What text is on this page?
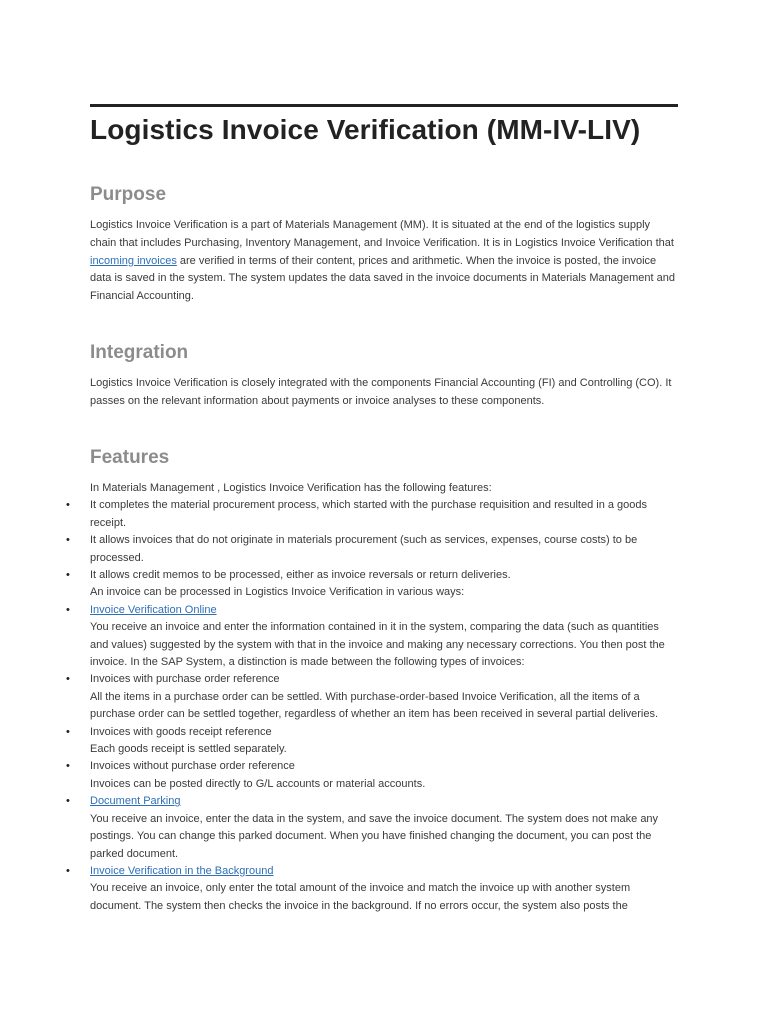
Logistics Invoice Verification (MM-IV-LIV)
Purpose

Logistics Invoice Verification is a part of Materials Management (MM). It is situated at the end of the logistics supply chain that includes Purchasing, Inventory Management, and Invoice Verification. It is in Logistics Invoice Verification that incoming invoices are verified in terms of their content, prices and arithmetic. When the invoice is posted, the invoice data is saved in the system. The system updates the data saved in the invoice documents in Materials Management and Financial Accounting.

Integration

Logistics Invoice Verification is closely integrated with the components Financial Accounting (FI) and Controlling (CO). It passes on the relevant information about payments or invoice analyses to these components.

Features

In Materials Management , Logistics Invoice Verification has the following features:

• It completes the material procurement process, which started with the purchase requisition and resulted in a goods receipt.
• It allows invoices that do not originate in materials procurement (such as services, expenses, course costs) to be processed.
• It allows credit memos to be processed, either as invoice reversals or return deliveries.
An invoice can be processed in Logistics Invoice Verification in various ways:
• Invoice Verification Online
You receive an invoice and enter the information contained in it in the system, comparing the data (such as quantities and values) suggested by the system with that in the invoice and making any necessary corrections. You then post the invoice. In the SAP System, a distinction is made between the following types of invoices:
• Invoices with purchase order reference
All the items in a purchase order can be settled. With purchase-order-based Invoice Verification, all the items of a purchase order can be settled together, regardless of whether an item has been received in several partial deliveries.
• Invoices with goods receipt reference
Each goods receipt is settled separately.
• Invoices without purchase order reference
Invoices can be posted directly to G/L accounts or material accounts.
• Document Parking
You receive an invoice, enter the data in the system, and save the invoice document. The system does not make any postings. You can change this parked document. When you have finished changing the document, you can post the parked document.
• Invoice Verification in the Background
You receive an invoice, only enter the total amount of the invoice and match the invoice up with another system document. The system then checks the invoice in the background. If no errors occur, the system also posts the
